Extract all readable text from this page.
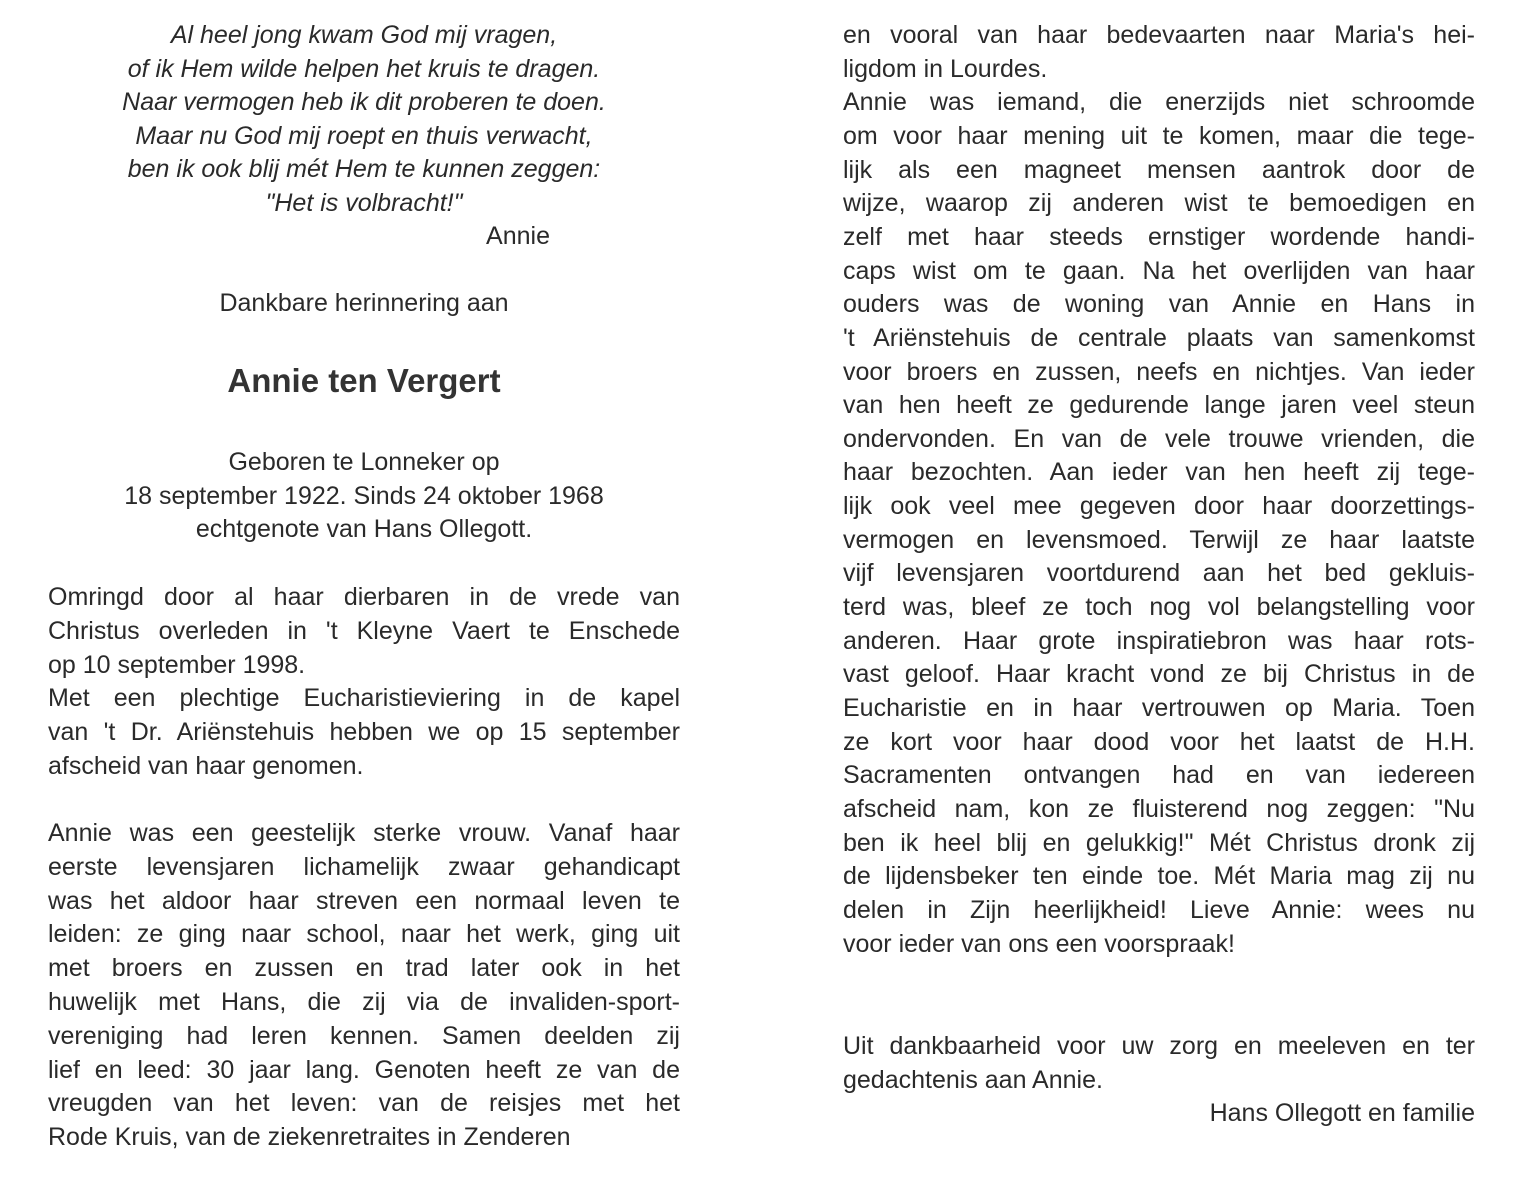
Al heel jong kwam God mij vragen,
of ik Hem wilde helpen het kruis te dragen.
Naar vermogen heb ik dit proberen te doen.
Maar nu God mij roept en thuis verwacht,
ben ik ook blij mét Hem te kunnen zeggen:
"Het is volbracht!"
Annie
Dankbare herinnering aan
Annie ten Vergert
Geboren te Lonneker op
18 september 1922. Sinds 24 oktober 1968
echtgenote van Hans Ollegott.
Omringd door al haar dierbaren in de vrede van
Christus overleden in 't Kleyne Vaert te Enschede
op 10 september 1998.
Met een plechtige Eucharistieviering in de kapel
van 't Dr. Ariënstehuis hebben we op 15 september
afscheid van haar genomen.
Annie was een geestelijk sterke vrouw. Vanaf haar
eerste levensjaren lichamelijk zwaar gehandicapt
was het aldoor haar streven een normaal leven te
leiden: ze ging naar school, naar het werk, ging uit
met broers en zussen en trad later ook in het
huwelijk met Hans, die zij via de invaliden-sport-
vereniging had leren kennen. Samen deelden zij
lief en leed: 30 jaar lang. Genoten heeft ze van de
vreugden van het leven: van de reisjes met het
Rode Kruis, van de ziekenretraites in Zenderen
en vooral van haar bedevaarten naar Maria's hei-
ligdom in Lourdes.
Annie was iemand, die enerzijds niet schroomde
om voor haar mening uit te komen, maar die tege-
lijk als een magneet mensen aantrok door de
wijze, waarop zij anderen wist te bemoedigen en
zelf met haar steeds ernstiger wordende handi-
caps wist om te gaan. Na het overlijden van haar
ouders was de woning van Annie en Hans in
't Ariënstehuis de centrale plaats van samenkomst
voor broers en zussen, neefs en nichtjes. Van ieder
van hen heeft ze gedurende lange jaren veel steun
ondervonden. En van de vele trouwe vrienden, die
haar bezochten. Aan ieder van hen heeft zij tege-
lijk ook veel mee gegeven door haar doorzettings-
vermogen en levensmoed. Terwijl ze haar laatste
vijf levensjaren voortdurend aan het bed gekluis-
terd was, bleef ze toch nog vol belangstelling voor
anderen. Haar grote inspiratiebron was haar rots-
vast geloof. Haar kracht vond ze bij Christus in de
Eucharistie en in haar vertrouwen op Maria. Toen
ze kort voor haar dood voor het laatst de H.H.
Sacramenten ontvangen had en van iedereen
afscheid nam, kon ze fluisterend nog zeggen: "Nu
ben ik heel blij en gelukkig!" Mét Christus dronk zij
de lijdensbeker ten einde toe. Mét Maria mag zij nu
delen in Zijn heerlijkheid! Lieve Annie: wees nu
voor ieder van ons een voorspraak!
Uit dankbaarheid voor uw zorg en meeleven en ter
gedachtenis aan Annie.
Hans Ollegott en familie
